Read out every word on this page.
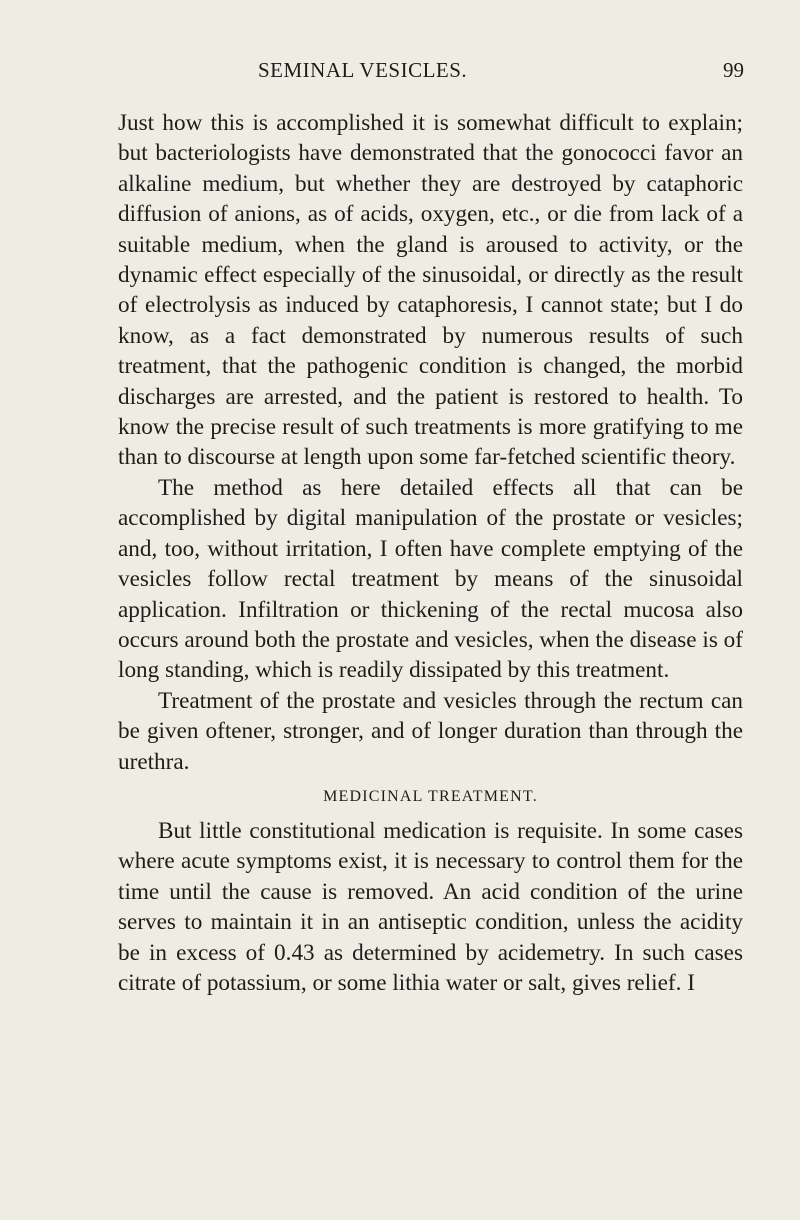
SEMINAL VESICLES.	99

Just how this is accomplished it is somewhat difficult to explain; but bacteriologists have demonstrated that the gonococci favor an alkaline medium, but whether they are destroyed by cataphoric diffusion of anions, as of acids, oxygen, etc., or die from lack of a suitable medium, when the gland is aroused to activity, or the dynamic effect especially of the sinusoidal, or directly as the result of electrolysis as induced by cataphoresis, I cannot state; but I do know, as a fact demonstrated by numerous results of such treatment, that the pathogenic condition is changed, the morbid discharges are arrested, and the patient is restored to health. To know the precise result of such treatments is more gratifying to me than to discourse at length upon some far-fetched scientific theory.

The method as here detailed effects all that can be accomplished by digital manipulation of the prostate or vesicles; and, too, without irritation, I often have complete emptying of the vesicles follow rectal treatment by means of the sinusoidal application. Infiltration or thickening of the rectal mucosa also occurs around both the prostate and vesicles, when the disease is of long standing, which is readily dissipated by this treatment.

Treatment of the prostate and vesicles through the rectum can be given oftener, stronger, and of longer duration than through the urethra.

MEDICINAL TREATMENT.

But little constitutional medication is requisite. In some cases where acute symptoms exist, it is necessary to control them for the time until the cause is removed. An acid condition of the urine serves to maintain it in an antiseptic condition, unless the acidity be in excess of 0.43 as determined by acidemetry. In such cases citrate of potassium, or some lithia water or salt, gives relief. I
